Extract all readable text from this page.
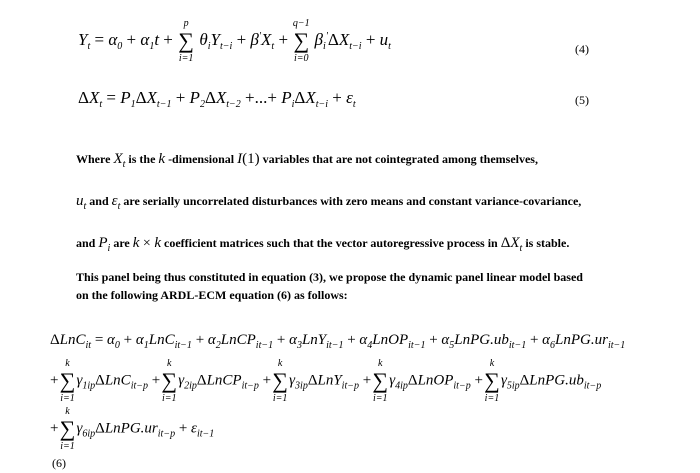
$Y_t = \alpha_0 + \alpha_1t$ +
p
∑
i=1
$\theta_iY_{t-i} + \beta'X_t$ +
q−1
∑
i=0
$\beta_i'\Delta X_{t-i} + u_t$	(4)
$\Delta X_t = P_1\Delta X_{t-1} + P_2\Delta X_{t-2}$ +...+ $P_i\Delta X_{t-i} + \varepsilon_t$	(5)
Where $X_t$ is the k -dimensional I(1) variables that are not cointegrated among themselves,
$u_t$ and $\varepsilon_t$ are serially uncorrelated disturbances with zero means and constant variance-covariance,
and $P_i$ are k × k coefficient matrices such that the vector autoregressive process in $\Delta X_t$ is stable.
This panel being thus constituted in equation (3), we propose the dynamic panel linear model based
on the following ARDL-ECM equation (6) as follows:
$\Delta LnC_{it} = \alpha_0 + \alpha_1LnC_{it-1}$ + $\alpha_2LnCP_{it-1} + \alpha_3LnY_{it-1}$ + $\alpha_4LnOP_{it-1}$ + $\alpha_5LnPG.ub_{it-1}$ + $\alpha_6LnPG.ur_{it-1}$
+
k
∑
i=1
$\gamma_{1ip}\Delta LnC_{it-p}$ +
k
∑
i=1
$\gamma_{2ip}\Delta LnCP_{it-p}$ +
k
∑
i=1
$\gamma_{3ip}\Delta LnY_{it-p}$ +
k
∑
i=1
$\gamma_{4ip}\Delta LnOP_{it-p}$ +
k
∑
i=1
$\gamma_{5ip}\Delta LnPG.ub_{it-p}$
+
k
∑
i=1
$\gamma_{6ip}\Delta LnPG.ur_{it-p} + \varepsilon_{it-1}$
(6)
